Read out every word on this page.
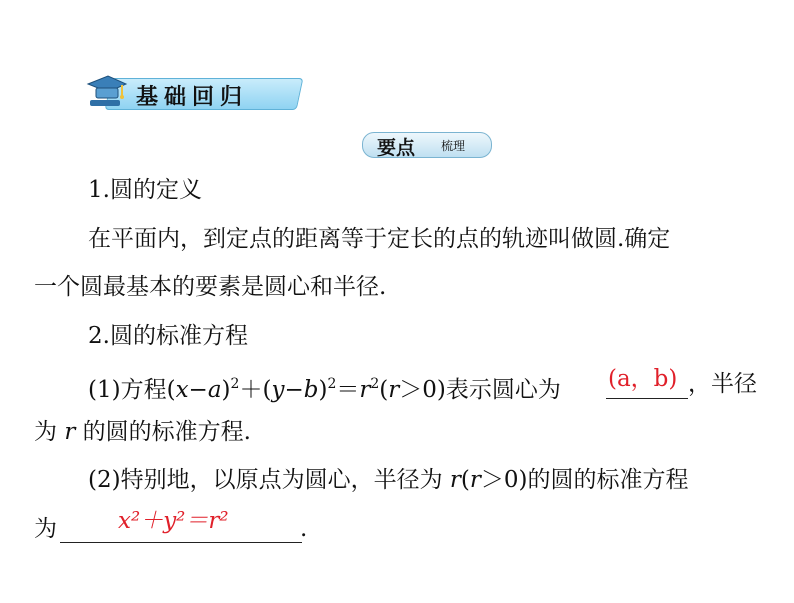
基础回归
要点 梳理
1.圆的定义
在平面内，到定点的距离等于定长的点的轨迹叫做圆.确定
一个圆最基本的要素是圆心和半径.
2.圆的标准方程
(1)方程$(x-a)^2+(y-b)^2=r^2(r>0)$表示圆心为 (a，b) ，半径
为 r 的圆的标准方程.
(2)特别地，以原点为圆心，半径为 r(r＞0)的圆的标准方程
为	x²＋y²＝r²	.
